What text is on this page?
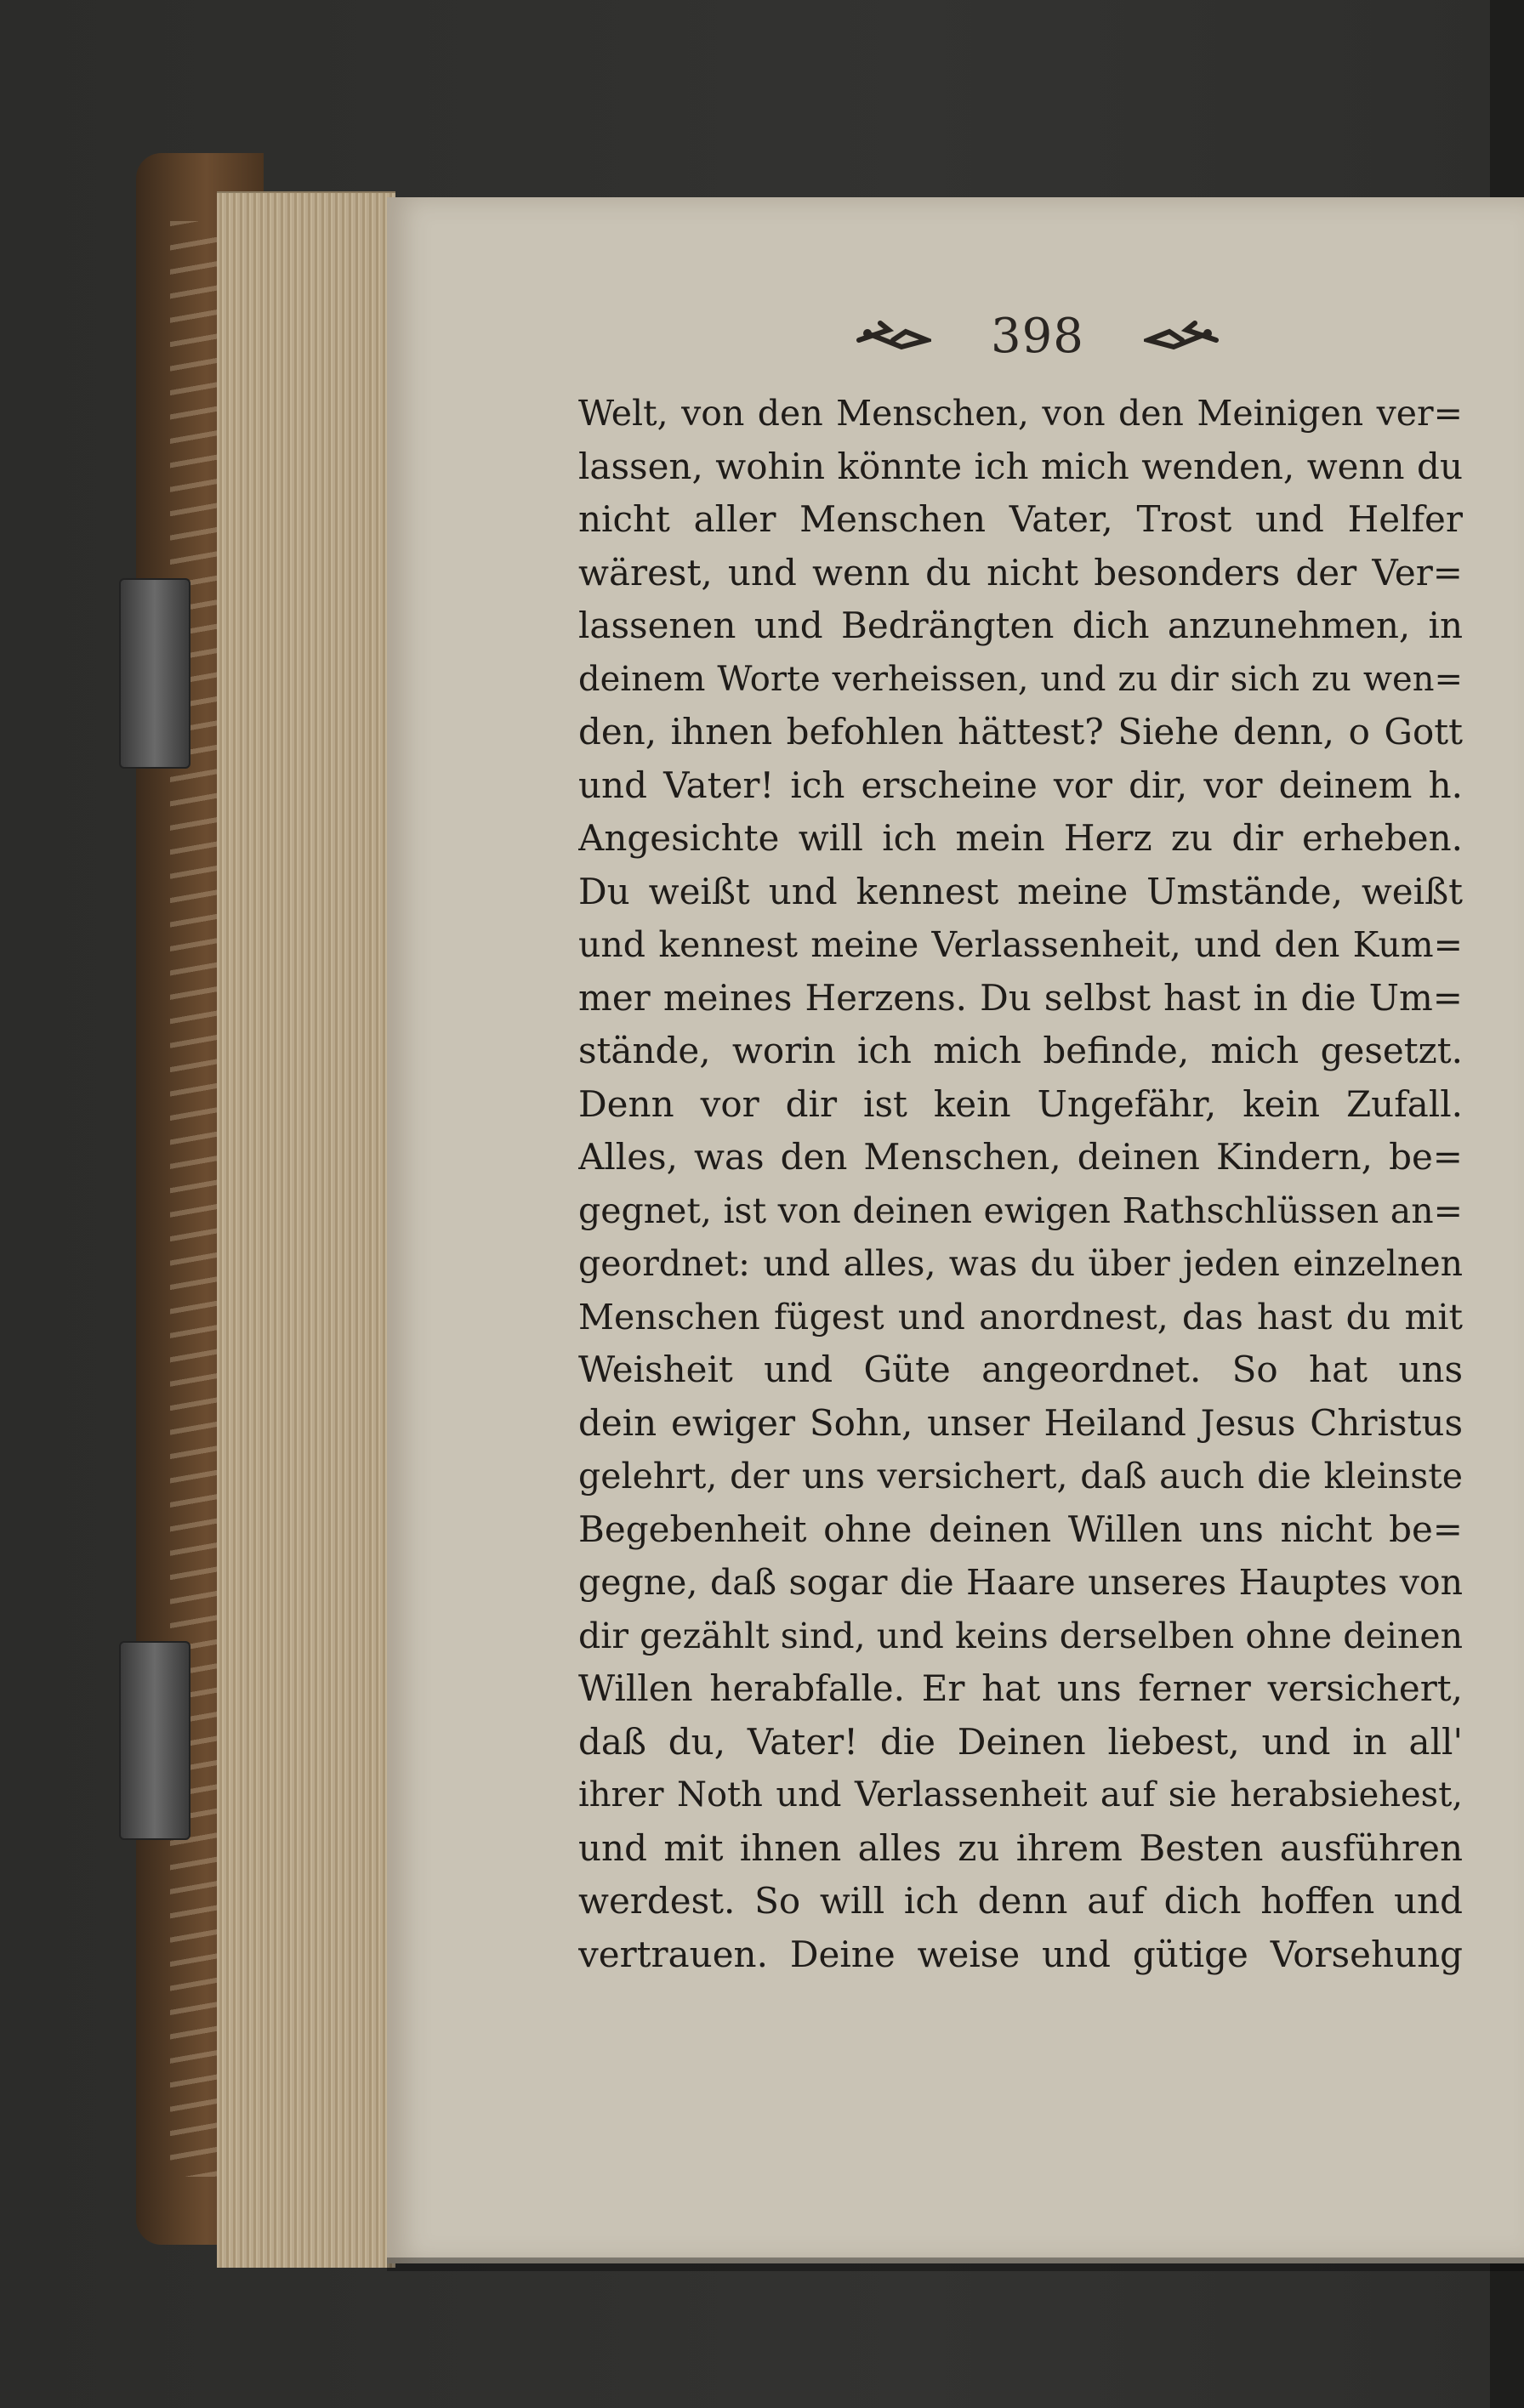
398
Welt, von den Menschen, von den Meinigen ver=
lassen, wohin könnte ich mich wenden, wenn du
nicht aller Menschen Vater, Trost und Helfer
wärest, und wenn du nicht besonders der Ver=
lassenen und Bedrängten dich anzunehmen, in
deinem Worte verheissen, und zu dir sich zu wen=
den, ihnen befohlen hättest? Siehe denn, o Gott
und Vater! ich erscheine vor dir, vor deinem h.
Angesichte will ich mein Herz zu dir erheben.
Du weißt und kennest meine Umstände, weißt
und kennest meine Verlassenheit, und den Kum=
mer meines Herzens. Du selbst hast in die Um=
stände, worin ich mich befinde, mich gesetzt.
Denn vor dir ist kein Ungefähr, kein Zufall.
Alles, was den Menschen, deinen Kindern, be=
gegnet, ist von deinen ewigen Rathschlüssen an=
geordnet: und alles, was du über jeden einzelnen
Menschen fügest und anordnest, das hast du mit
Weisheit und Güte angeordnet. So hat uns
dein ewiger Sohn, unser Heiland Jesus Christus
gelehrt, der uns versichert, daß auch die kleinste
Begebenheit ohne deinen Willen uns nicht be=
gegne, daß sogar die Haare unseres Hauptes von
dir gezählt sind, und keins derselben ohne deinen
Willen herabfalle. Er hat uns ferner versichert,
daß du, Vater! die Deinen liebest, und in all'
ihrer Noth und Verlassenheit auf sie herabsiehest,
und mit ihnen alles zu ihrem Besten ausführen
werdest. So will ich denn auf dich hoffen und
vertrauen. Deine weise und gütige Vorsehung
